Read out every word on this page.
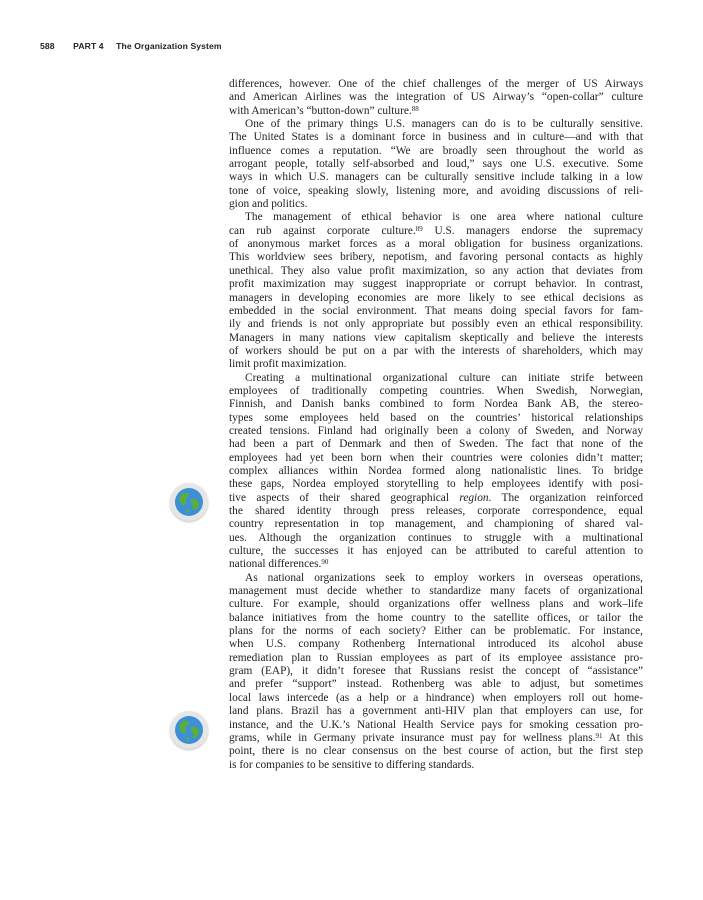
588 PART 4 The Organization System
differences, however. One of the chief challenges of the merger of US Airways
and American Airlines was the integration of US Airway’s “open-collar” culture
with American’s “button-down” culture.$^{88}$
One of the primary things U.S. managers can do is to be culturally sensitive.
The United States is a dominant force in business and in culture—and with that
influence comes a reputation. “We are broadly seen throughout the world as
arrogant people, totally self-absorbed and loud,” says one U.S. executive. Some
ways in which U.S. managers can be culturally sensitive include talking in a low
tone of voice, speaking slowly, listening more, and avoiding discussions of reli-
gion and politics.
The management of ethical behavior is one area where national culture
can rub against corporate culture.$^{89}$ U.S. managers endorse the supremacy
of anonymous market forces as a moral obligation for business organizations.
This worldview sees bribery, nepotism, and favoring personal contacts as highly
unethical. They also value profit maximization, so any action that deviates from
profit maximization may suggest inappropriate or corrupt behavior. In contrast,
managers in developing economies are more likely to see ethical decisions as
embedded in the social environment. That means doing special favors for fam-
ily and friends is not only appropriate but possibly even an ethical responsibility.
Managers in many nations view capitalism skeptically and believe the interests
of workers should be put on a par with the interests of shareholders, which may
limit profit maximization.
Creating a multinational organizational culture can initiate strife between
employees of traditionally competing countries. When Swedish, Norwegian,
Finnish, and Danish banks combined to form Nordea Bank AB, the stereo-
types some employees held based on the countries’ historical relationships
created tensions. Finland had originally been a colony of Sweden, and Norway
had been a part of Denmark and then of Sweden. The fact that none of the
employees had yet been born when their countries were colonies didn’t matter;
complex alliances within Nordea formed along nationalistic lines. To bridge
these gaps, Nordea employed storytelling to help employees identify with posi-
tive aspects of their shared geographical region. The organization reinforced
the shared identity through press releases, corporate correspondence, equal
country representation in top management, and championing of shared val-
ues. Although the organization continues to struggle with a multinational
culture, the successes it has enjoyed can be attributed to careful attention to
national differences.$^{90}$
As national organizations seek to employ workers in overseas operations,
management must decide whether to standardize many facets of organizational
culture. For example, should organizations offer wellness plans and work–life
balance initiatives from the home country to the satellite offices, or tailor the
plans for the norms of each society? Either can be problematic. For instance,
when U.S. company Rothenberg International introduced its alcohol abuse
remediation plan to Russian employees as part of its employee assistance pro-
gram (EAP), it didn’t foresee that Russians resist the concept of “assistance”
and prefer “support” instead. Rothenberg was able to adjust, but sometimes
local laws intercede (as a help or a hindrance) when employers roll out home-
land plans. Brazil has a government anti-HIV plan that employers can use, for
instance, and the U.K.’s National Health Service pays for smoking cessation pro-
grams, while in Germany private insurance must pay for wellness plans.$^{91}$ At this
point, there is no clear consensus on the best course of action, but the first step
is for companies to be sensitive to differing standards.
